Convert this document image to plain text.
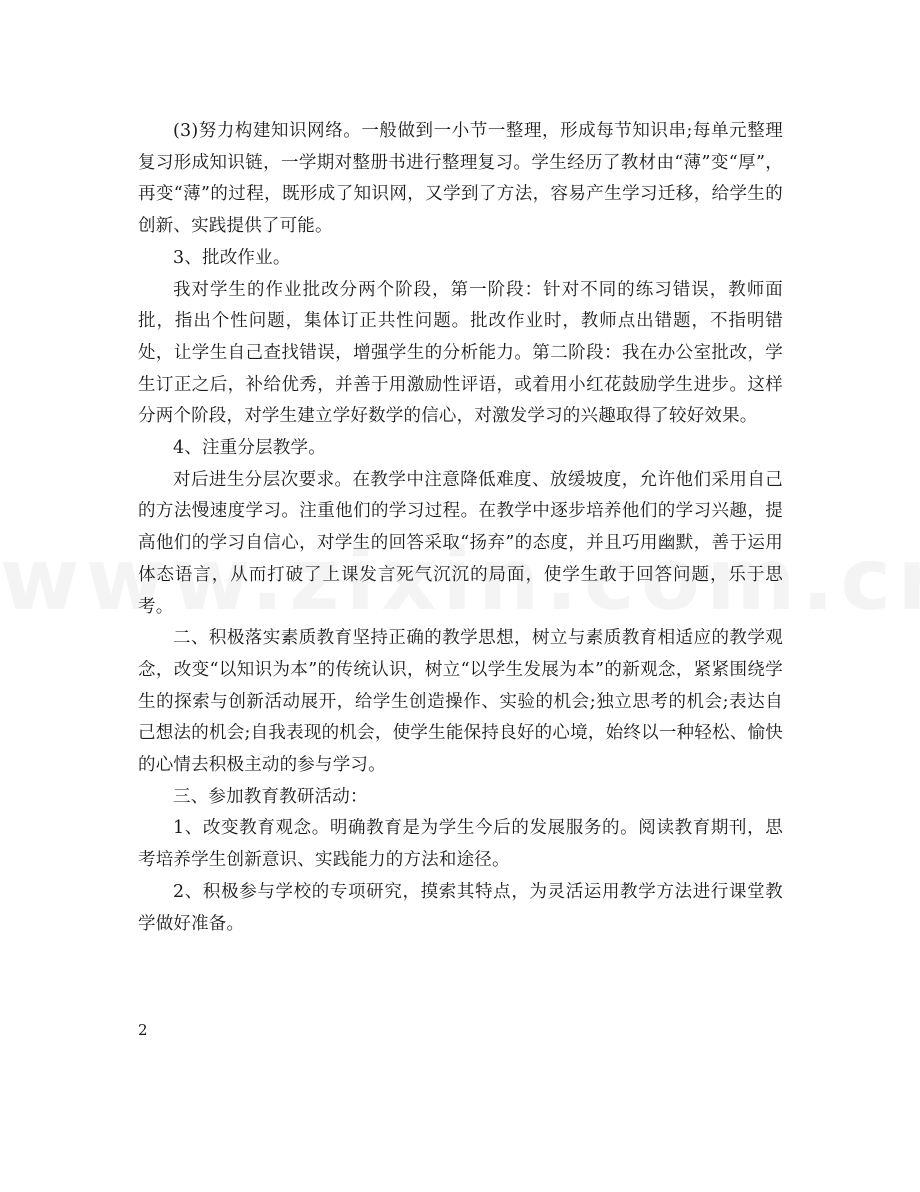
(3)努力构建知识网络。一般做到一小节一整理，形成每节知识串;每单元整理复习形成知识链，一学期对整册书进行整理复习。学生经历了教材由“薄”变“厚”，再变“薄”的过程，既形成了知识网，又学到了方法，容易产生学习迁移，给学生的创新、实践提供了可能。

3、批改作业。

我对学生的作业批改分两个阶段，第一阶段：针对不同的练习错误，教师面批，指出个性问题，集体订正共性问题。批改作业时，教师点出错题，不指明错处，让学生自己查找错误，增强学生的分析能力。第二阶段：我在办公室批改，学生订正之后，补给优秀，并善于用激励性评语，或着用小红花鼓励学生进步。这样分两个阶段，对学生建立学好数学的信心，对激发学习的兴趣取得了较好效果。

4、注重分层教学。

对后进生分层次要求。在教学中注意降低难度、放缓坡度，允许他们采用自己的方法慢速度学习。注重他们的学习过程。在教学中逐步培养他们的学习兴趣，提高他们的学习自信心，对学生的回答采取“扬弃”的态度，并且巧用幽默，善于运用体态语言，从而打破了上课发言死气沉沉的局面，使学生敢于回答问题，乐于思考。

二、积极落实素质教育坚持正确的教学思想，树立与素质教育相适应的教学观念，改变“以知识为本”的传统认识，树立“以学生发展为本”的新观念，紧紧围绕学生的探索与创新活动展开，给学生创造操作、实验的机会;独立思考的机会;表达自己想法的机会;自我表现的机会，使学生能保持良好的心境，始终以一种轻松、愉快的心情去积极主动的参与学习。

三、参加教育教研活动：

1、改变教育观念。明确教育是为学生今后的发展服务的。阅读教育期刊，思考培养学生创新意识、实践能力的方法和途径。

2、积极参与学校的专项研究，摸索其特点，为灵活运用教学方法进行课堂教学做好准备。

2
